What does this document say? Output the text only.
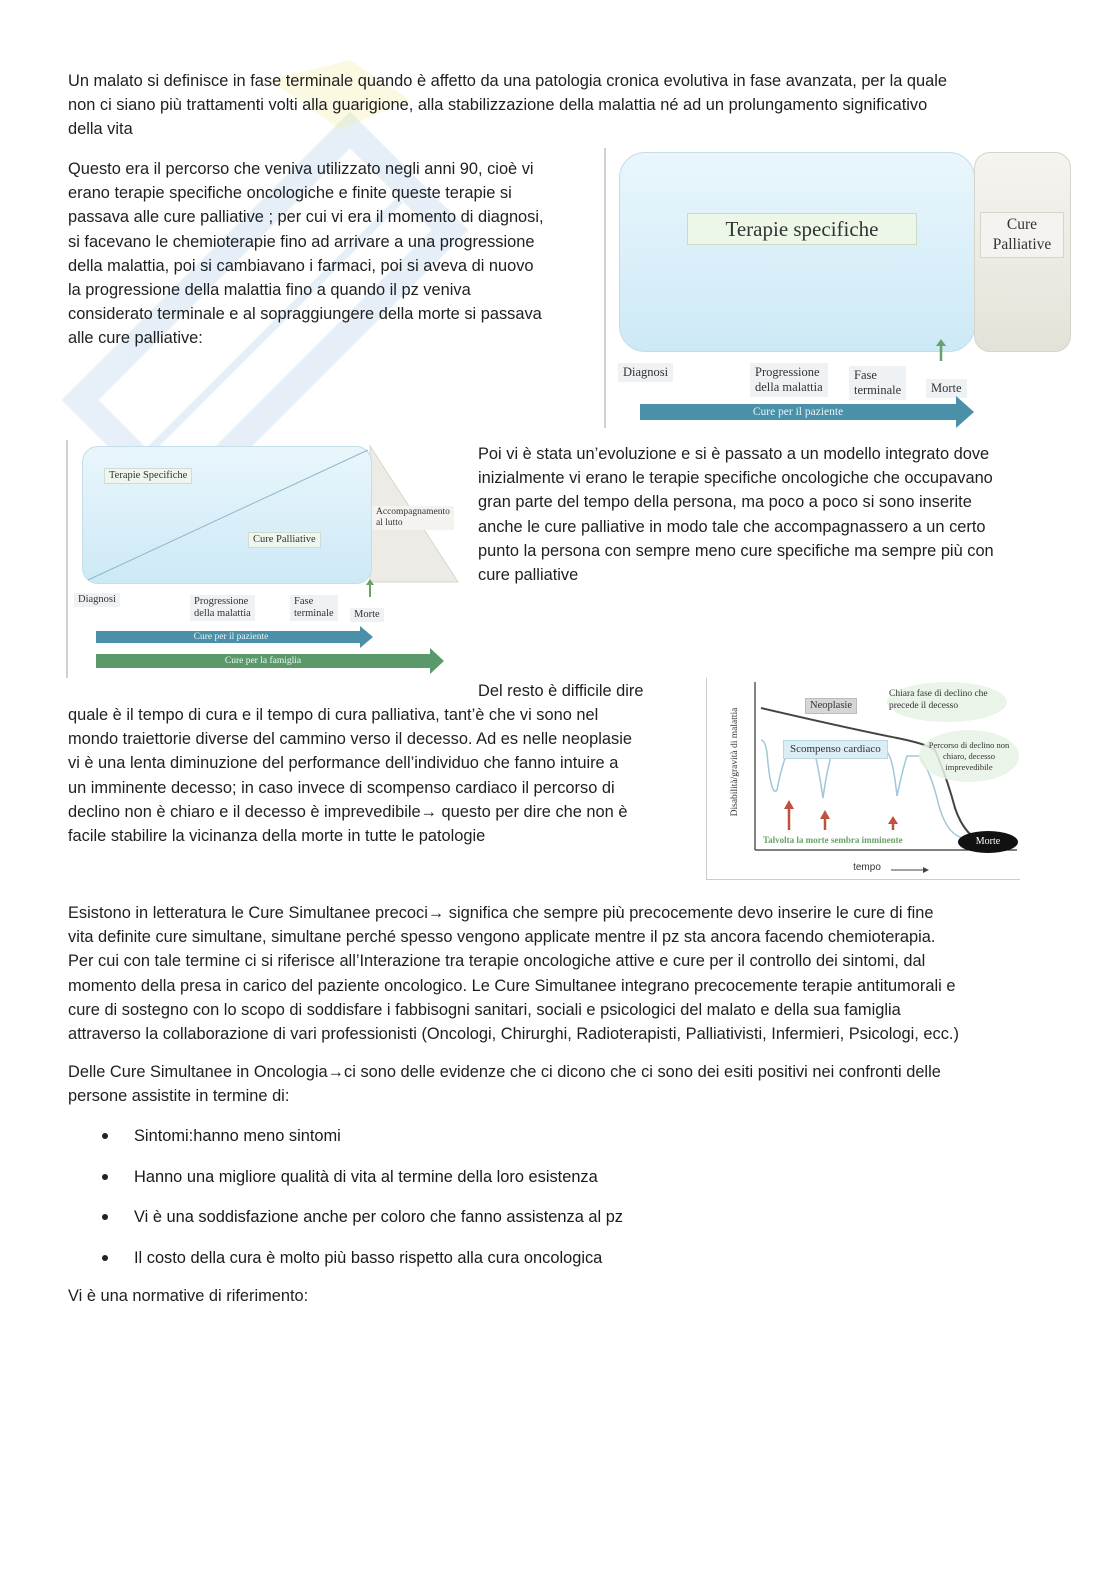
Un malato si definisce in fase terminale quando è affetto da una patologia cronica evolutiva in fase avanzata, per la quale
non ci siano più trattamenti volti alla guarigione, alla stabilizzazione della malattia né ad un prolungamento significativo
della vita
Questo era il percorso che veniva utilizzato negli anni 90, cioè vi
erano terapie specifiche oncologiche e finite queste terapie si
passava alle cure palliative ; per cui vi era il momento di diagnosi,
si facevano le chemioterapie fino ad arrivare a una progressione
della malattia, poi si cambiavano i farmaci, poi si aveva di nuovo
la progressione della malattia fino a quando il pz veniva
considerato terminale e al sopraggiungere della morte si passava
alle cure palliative:
Terapie specifiche	Cure
Palliative
Diagnosi	Progressione
della malattia
Fase
terminale	Morte
Cure per il paziente
Terapie Specifiche
Cure Palliative
Accompagnamento
al lutto
Diagnosi	Progressione
della malattia
Fase
terminale	Morte
Cure per il paziente
Cure per la famiglia
Poi vi è stata un’evoluzione e si è passato a un modello integrato dove
inizialmente vi erano le terapie specifiche oncologiche che occupavano
gran parte del tempo della persona, ma poco a poco si sono inserite
anche le cure palliative in modo tale che accompagnassero a un certo
punto la persona con sempre meno cure specifiche ma sempre più con
cure palliative
Del resto è difficile dire
quale è il tempo di cura e il tempo di cura palliativa, tant’è che vi sono nel
mondo traiettorie diverse del cammino verso il decesso. Ad es nelle neoplasie
vi è una lenta diminuzione del performance dell’individuo che fanno intuire a
un imminente decesso; in caso invece di scompenso cardiaco il percorso di
declino non è chiaro e il decesso è imprevedibile→ questo per dire che non è
facile stabilire la vicinanza della morte in tutte le patologie
Disabilità/gravità di malattia
tempo
Neoplasie
Scompenso cardiaco
Chiara fase di declino che
precede il decesso
Percorso di declino non
chiaro, decesso
imprevedibile
Talvolta la morte sembra imminente	Morte
Esistono in letteratura le Cure Simultanee precoci→ significa che sempre più precocemente devo inserire le cure di fine
vita definite cure simultane, simultane perché spesso vengono applicate mentre il pz sta ancora facendo chemioterapia.
Per cui con tale termine ci si riferisce all’Interazione tra terapie oncologiche attive e cure per il controllo dei sintomi, dal
momento della presa in carico del paziente oncologico. Le Cure Simultanee integrano precocemente terapie antitumorali e
cure di sostegno con lo scopo di soddisfare i fabbisogni sanitari, sociali e psicologici del malato e della sua famiglia
attraverso la collaborazione di vari professionisti (Oncologi, Chirurghi, Radioterapisti, Palliativisti, Infermieri, Psicologi, ecc.)
Delle Cure Simultanee in Oncologia→ci sono delle evidenze che ci dicono che ci sono dei esiti positivi nei confronti delle
persone assistite in termine di:
Sintomi:hanno meno sintomi
Hanno una migliore qualità di vita al termine della loro esistenza
Vi è una soddisfazione anche per coloro che fanno assistenza al pz
Il costo della cura è molto più basso rispetto alla cura oncologica
Vi è una normative di riferimento:
